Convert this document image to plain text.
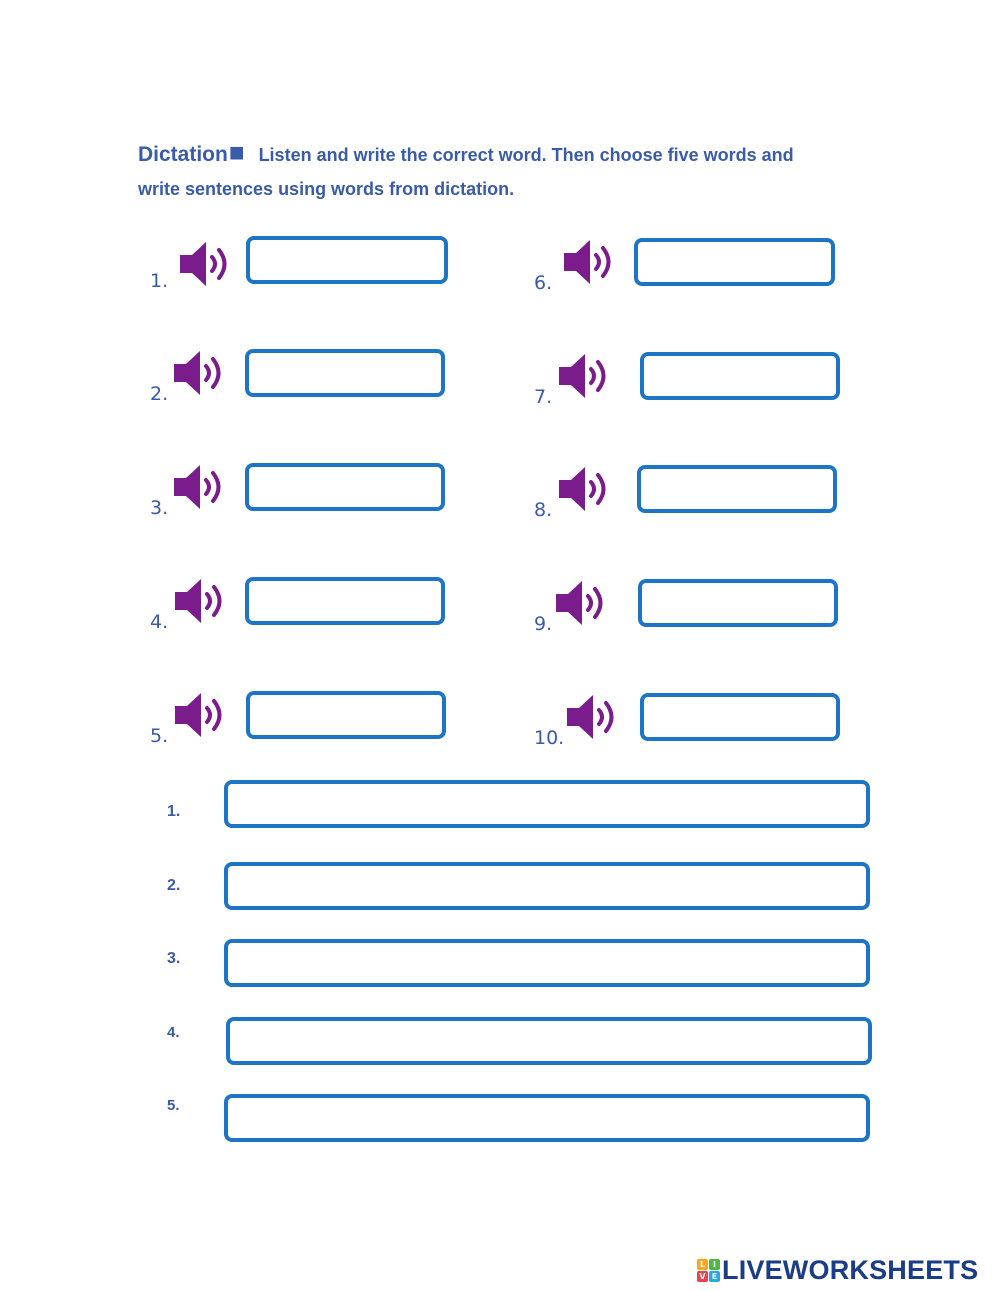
Dictation■ Listen and write the correct word. Then choose five words and
write sentences using words from dictation.
1.
2.
3.
4.
5.
6.
7.
8.
9.
10.
1.
2.
3.
4.
5.
L I
V E LIVEWORKSHEETS
